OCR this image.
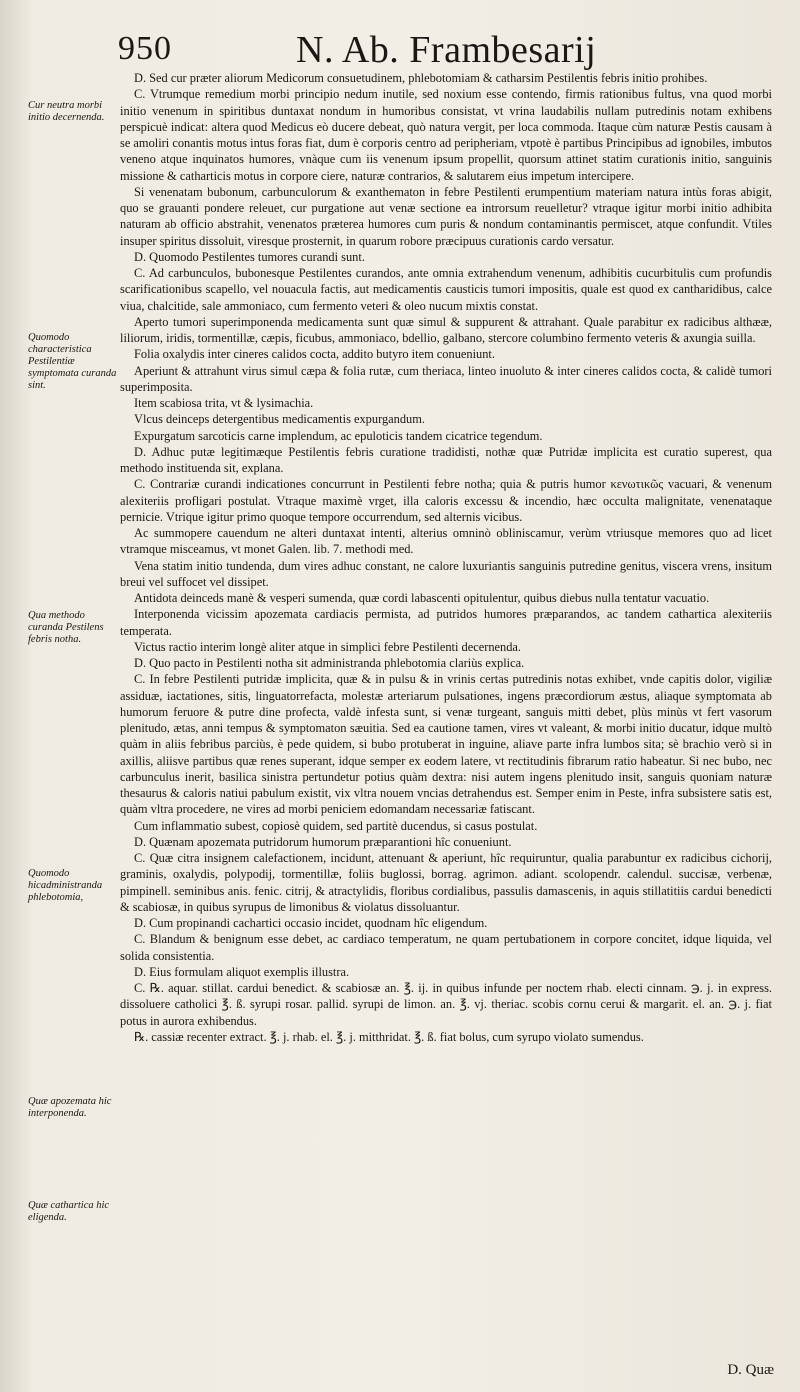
950	N. Ab. Frambesarij
Cur neutra morbi initio decernenda.
Quomodo characteristica Pestilentiæ symptomata curanda sint.
Qua methodo curanda Pestilens febris notha.
Quomodo hicadministranda phlebotomia,
Quæ apozemata hic interponenda.
Quæ cathartica hic eligenda.

D. Sed cur præter aliorum Medicorum consuetudinem, phlebotomiam & catharsim Pestilentis febris initio prohibes.

C. Vtrumque remedium morbi principio nedum inutile, sed noxium esse contendo, firmis rationibus fultus, vna quod morbi initio venenum in spiritibus duntaxat nondum in humoribus consistat, vt vrina laudabilis nullam putredinis notam exhibens perspicuè indicat: altera quod Medicus eò ducere debeat, quò natura vergit, per loca commoda. Itaque cùm naturæ Pestis causam à se amoliri conantis motus intus foras fiat, dum è corporis centro ad peripheriam, vtpotè è partibus Principibus ad ignobiles, imbutos veneno atque inquinatos humores, vnàque cum iis venenum ipsum propellit, quorsum attinet statim curationis initio, sanguinis missione & catharticis motus in corpore ciere, naturæ contrarios, & salutarem eius impetum intercipere.

Si venenatam bubonum, carbunculorum & exanthematon in febre Pestilenti erumpentium materiam natura intùs foras abigit, quo se grauanti pondere releuet, cur purgatione aut venæ sectione ea introrsum reuelletur? vtraque igitur morbi initio adhibita naturam ab officio abstrahit, venenatos præterea humores cum puris & nondum contaminantis permiscet, atque confundit. Vtiles insuper spiritus dissoluit, viresque prosternit, in quarum robore præcipuus curationis cardo versatur.

D. Quomodo Pestilentes tumores curandi sunt.

C. Ad carbunculos, bubonesque Pestilentes curandos, ante omnia extrahendum venenum, adhibitis cucurbitulis cum profundis scarificationibus scapello, vel nouacula factis, aut medicamentis causticis tumori impositis, quale est quod ex cantharidibus, calce viua, chalcitide, sale ammoniaco, cum fermento veteri & oleo nucum mixtis constat.

Aperto tumori superimponenda medicamenta sunt quæ simul & suppurent & attrahant. Quale parabitur ex radicibus althææ, liliorum, iridis, tormentillæ, cæpis, ficubus, ammoniaco, bdellio, galbano, stercore columbino fermento veteris & axungia suilla.

Folia oxalydis inter cineres calidos cocta, addito butyro item conueniunt.

Aperiunt & attrahunt virus simul cæpa & folia rutæ, cum theriaca, linteo inuoluto & inter cineres calidos cocta, & calidè tumori superimposita.

Item scabiosa trita, vt & lysimachia.

Vlcus deinceps detergentibus medicamentis expurgandum.

Expurgatum sarcoticis carne implendum, ac epuloticis tandem cicatrice tegendum.

D. Adhuc putæ legitimæque Pestilentis febris curatione tradidisti, nothæ quæ Putridæ implicita est curatio superest, qua methodo instituenda sit, explana.

C. Contrariæ curandi indicationes concurrunt in Pestilenti febre notha; quia & putris humor κενωτικῶς vacuari, & venenum alexiteriis profligari postulat. Vtraque maximè vrget, illa caloris excessu & incendio, hæc occulta malignitate, venenataque pernicie. Vtrique igitur primo quoque tempore occurrendum, sed alternis vicibus.

Ac summopere cauendum ne alteri duntaxat intenti, alterius omninò obliniscamur, verùm vtriusque memores quo ad licet vtramque misceamus, vt monet Galen. lib. 7. methodi med.

Vena statim initio tundenda, dum vires adhuc constant, ne calore luxuriantis sanguinis putredine genitus, viscera vrens, insitum breui vel suffocet vel dissipet.

Antidota deinceds manè & vesperi sumenda, quæ cordi labascenti opitulentur, quibus diebus nulla tentatur vacuatio.

Interponenda vicissim apozemata cardiacis permista, ad putridos humores præparandos, ac tandem cathartica alexiteriis temperata.

Victus ractio interim longè aliter atque in simplici febre Pestilenti decernenda.

D. Quo pacto in Pestilenti notha sit administranda phlebotomia clariùs explica.

C. In febre Pestilenti putridæ implicita, quæ & in pulsu & in vrinis certas putredinis notas exhibet, vnde capitis dolor, vigiliæ assiduæ, iactationes, sitis, linguatorrefacta, molestæ arteriarum pulsationes, ingens præcordiorum æstus, aliaque symptomata ab humorum feruore & putre dine profecta, valdè infesta sunt, si venæ turgeant, sanguis mitti debet, plùs minùs vt fert vasorum plenitudo, ætas, anni tempus & symptomaton sæuitia. Sed ea cautione tamen, vires vt valeant, & morbi initio ducatur, idque multò quàm in aliis febribus parciùs, è pede quidem, si bubo protuberat in inguine, aliave parte infra lumbos sita; sè brachio verò si in axillis, aliisve partibus quæ renes superant, idque semper ex eodem latere, vt rectitudinis fibrarum ratio habeatur. Si nec bubo, nec carbunculus inerit, basilica sinistra pertundetur potius quàm dextra: nisi autem ingens plenitudo insit, sanguis quoniam naturæ thesaurus & caloris natiui pabulum existit, vix vltra nouem vncias detrahendus est. Semper enim in Peste, infra subsistere satis est, quàm vltra procedere, ne vires ad morbi peniciem edomandam necessariæ fatiscant.

Cum inflammatio subest, copiosè quidem, sed partitè ducendus, si casus postulat.

D. Quænam apozemata putridorum humorum præparantioni hîc conueniunt.

C. Quæ citra insignem calefactionem, incidunt, attenuant & aperiunt, hîc requiruntur, qualia parabuntur ex radicibus cichorij, graminis, oxalydis, polypodij, tormentillæ, foliis buglossi, borrag. agrimon. adiant. scolopendr. calendul. succisæ, verbenæ, pimpinell. seminibus anis. fenic. citrij, & atractylidis, floribus cordialibus, passulis damascenis, in aquis stillatitiis cardui benedicti & scabiosæ, in quibus syrupus de limonibus & violatus dissoluantur.

D. Cum propinandi cachartici occasio incidet, quodnam hîc eligendum.

C. Blandum & benignum esse debet, ac cardiaco temperatum, ne quam pertubationem in corpore concitet, idque liquida, vel solida consistentia.

D. Eius formulam aliquot exemplis illustra.

C. ℞. aquar. stillat. cardui benedict. & scabiosæ an. ℥. ij. in quibus infunde per noctem rhab. electi cinnam. ℈. j. in express. dissoluere catholici ℥. ß. syrupi rosar. pallid. syrupi de limon. an. ℥. vj. theriac. scobis cornu cerui & margarit. el. an. ℈. j. fiat potus in aurora exhibendus.

℞. cassiæ recenter extract. ℥. j. rhab. el. ℥. j. mitthridat. ℥. ß. fiat bolus, cum syrupo violato sumendus.

D. Quæ
